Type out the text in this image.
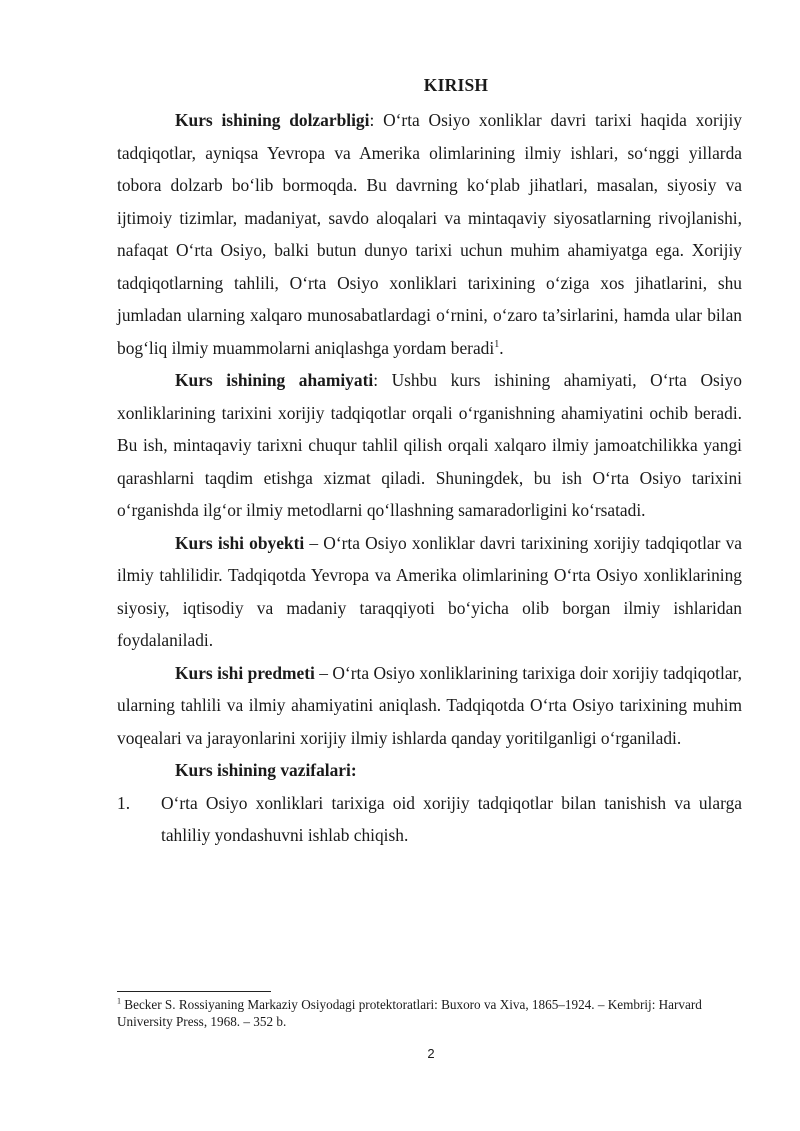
KIRISH

Kurs ishining dolzarbligi: O‘rta Osiyo xonliklar davri tarixi haqida xorijiy tadqiqotlar, ayniqsa Yevropa va Amerika olimlarining ilmiy ishlari, so‘nggi yillarda tobora dolzarb bo‘lib bormoqda. Bu davrning ko‘plab jihatlari, masalan, siyosiy va ijtimoiy tizimlar, madaniyat, savdo aloqalari va mintaqaviy siyosatlarning rivojlanishi, nafaqat O‘rta Osiyo, balki butun dunyo tarixi uchun muhim ahamiyatga ega. Xorijiy tadqiqotlarning tahlili, O‘rta Osiyo xonliklari tarixining o‘ziga xos jihatlarini, shu jumladan ularning xalqaro munosabatlardagi o‘rnini, o‘zaro ta’sirlarini, hamda ular bilan bog‘liq ilmiy muammolarni aniqlashga yordam beradi$^1$.

Kurs ishining ahamiyati: Ushbu kurs ishining ahamiyati, O‘rta Osiyo xonliklarining tarixini xorijiy tadqiqotlar orqali o‘rganishning ahamiyatini ochib beradi. Bu ish, mintaqaviy tarixni chuqur tahlil qilish orqali xalqaro ilmiy jamoatchilikka yangi qarashlarni taqdim etishga xizmat qiladi. Shuningdek, bu ish O‘rta Osiyo tarixini o‘rganishda ilg‘or ilmiy metodlarni qo‘llashning samaradorligini ko‘rsatadi.

Kurs ishi obyekti – O‘rta Osiyo xonliklar davri tarixining xorijiy tadqiqotlar va ilmiy tahlilidir. Tadqiqotda Yevropa va Amerika olimlarining O‘rta Osiyo xonliklarining siyosiy, iqtisodiy va madaniy taraqqiyoti bo‘yicha olib borgan ilmiy ishlaridan foydalaniladi.

Kurs ishi predmeti – O‘rta Osiyo xonliklarining tarixiga doir xorijiy tadqiqotlar, ularning tahlili va ilmiy ahamiyatini aniqlash. Tadqiqotda O‘rta Osiyo tarixining muhim voqealari va jarayonlarini xorijiy ilmiy ishlarda qanday yoritilganligi o‘rganiladi.

Kurs ishining vazifalari:

1. O‘rta Osiyo xonliklari tarixiga oid xorijiy tadqiqotlar bilan tanishish va ularga tahliliy yondashuvni ishlab chiqish.

$^1$ Becker S. Rossiyaning Markaziy Osiyodagi protektoratlari: Buxoro va Xiva, 1865–1924. – Kembrij: Harvard University Press, 1968. – 352 b.
2
